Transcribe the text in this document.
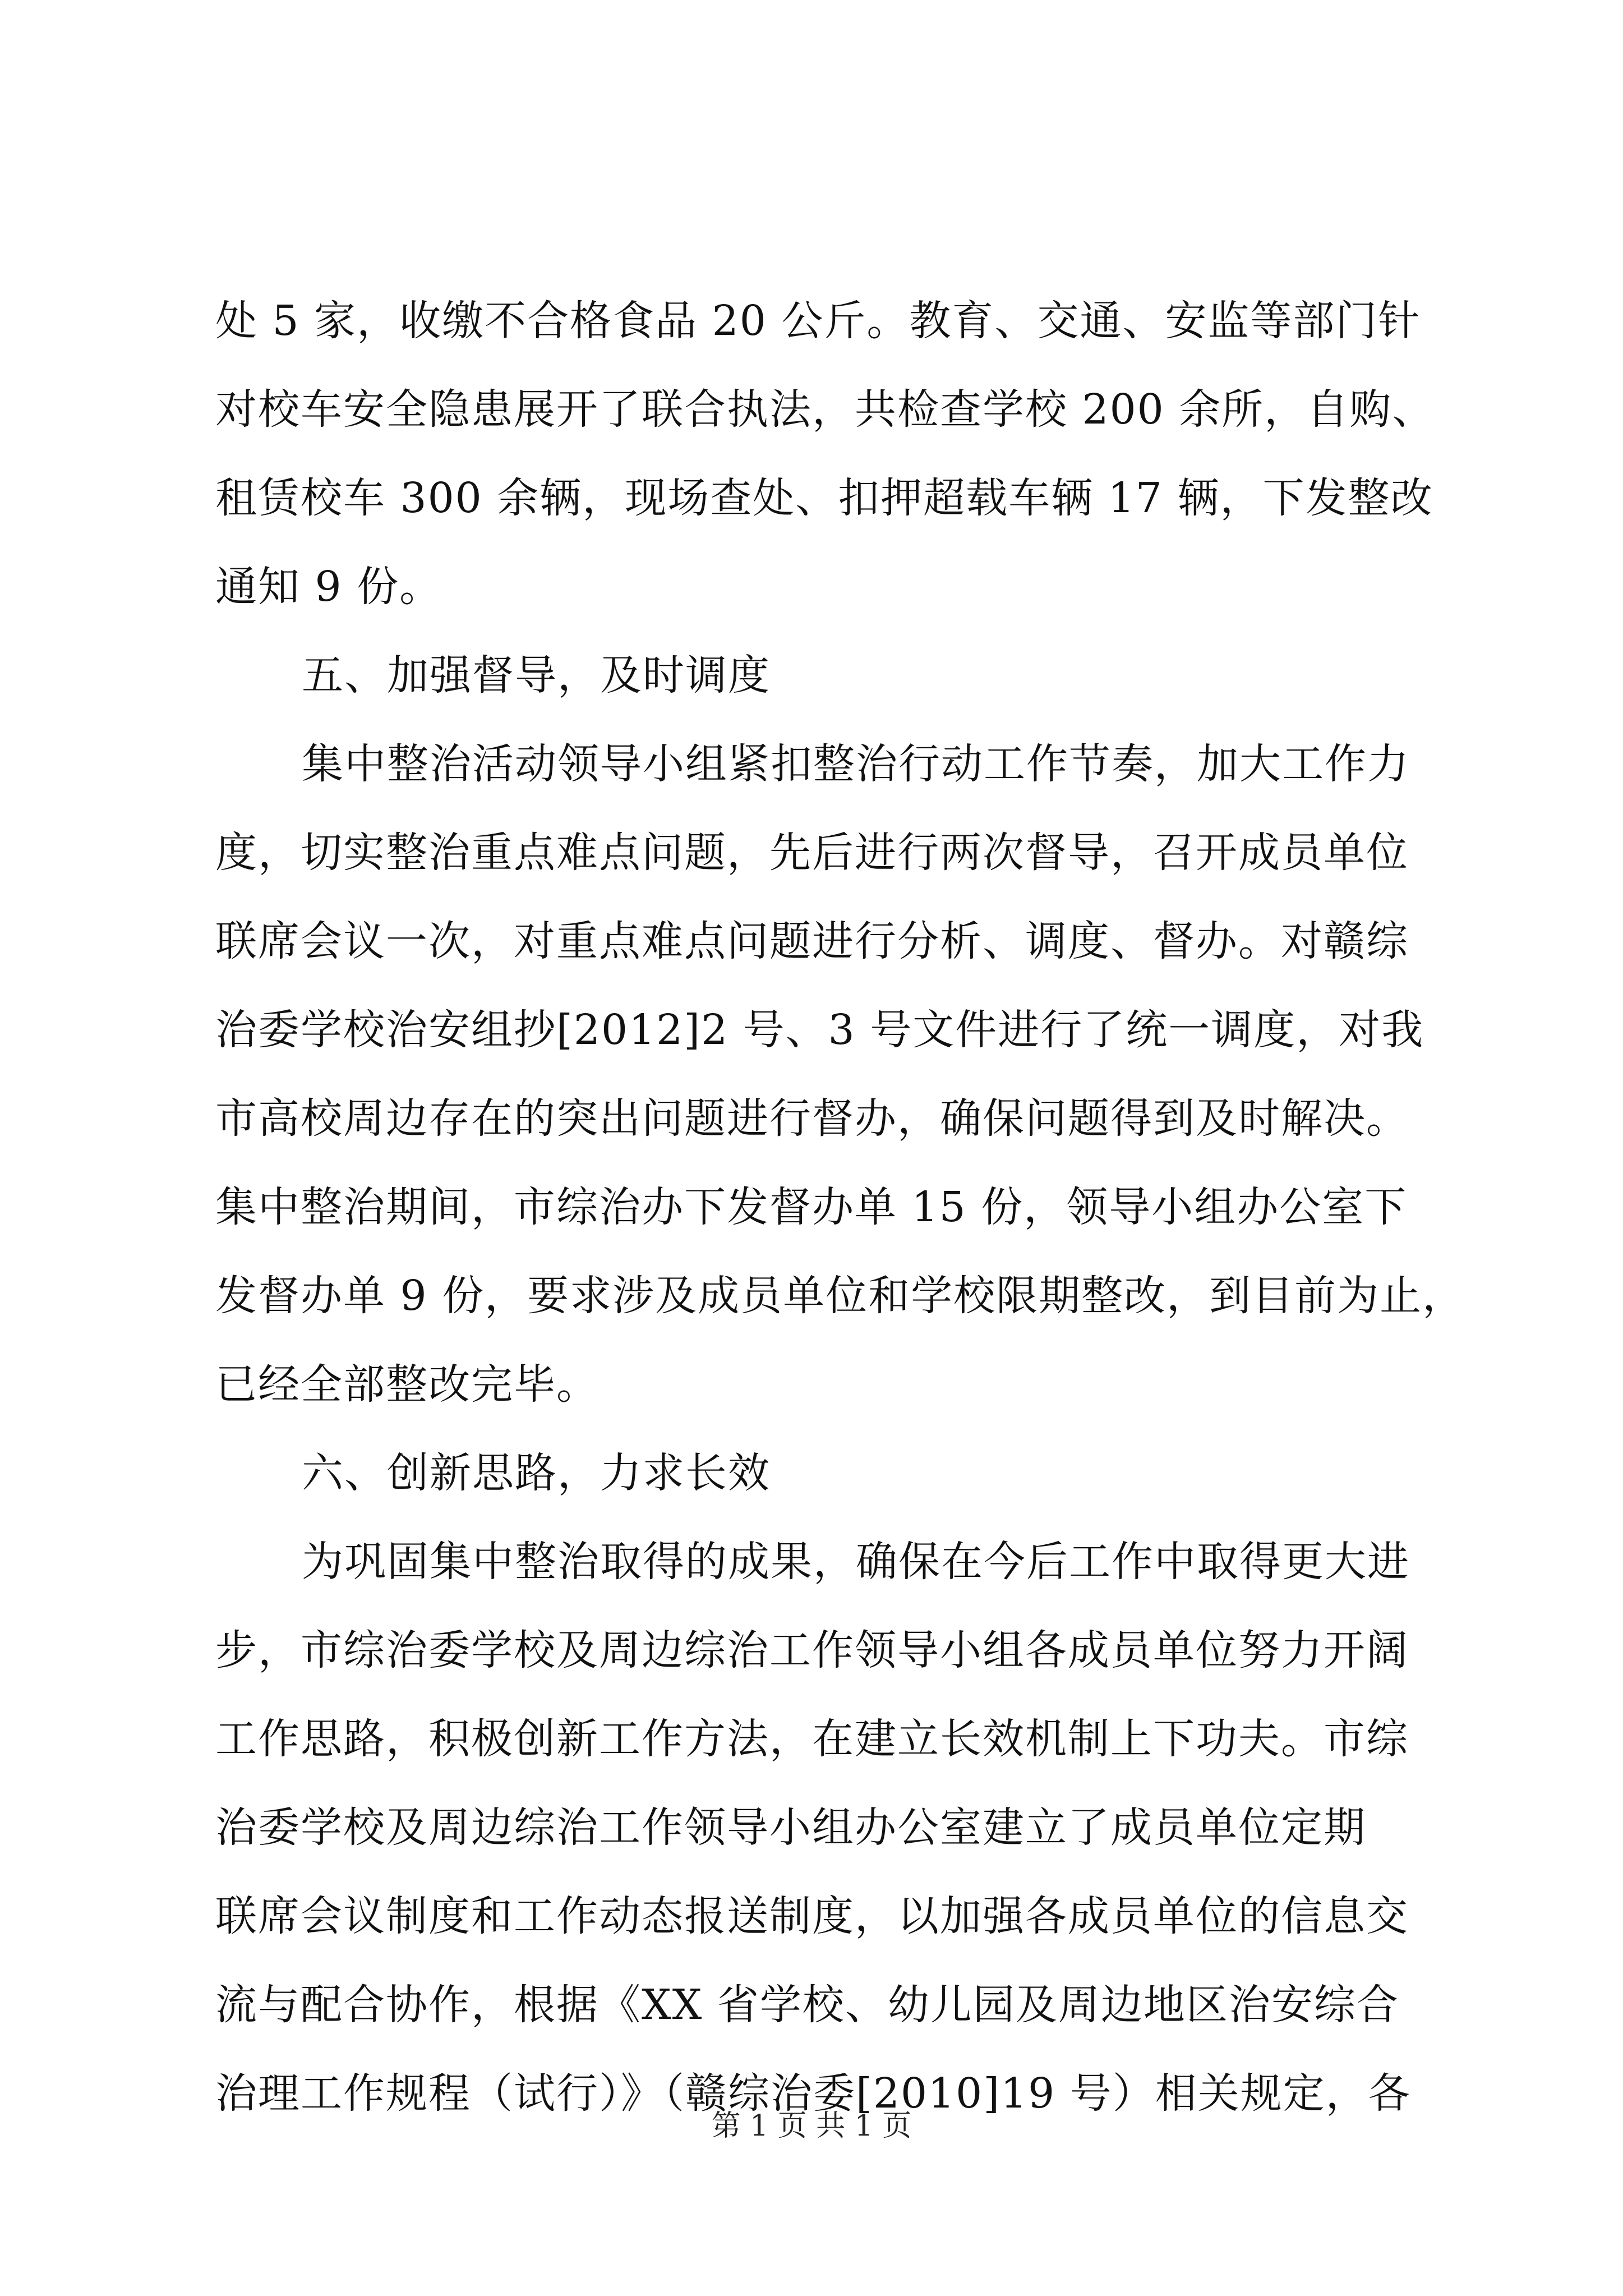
处 5 家，收缴不合格食品 20 公斤。教育、交通、安监等部门针
对校车安全隐患展开了联合执法，共检查学校 200 余所，自购、
租赁校车 300 余辆，现场查处、扣押超载车辆 17 辆，下发整改
通知 9 份。
五、加强督导，及时调度
集中整治活动领导小组紧扣整治行动工作节奏，加大工作力
度，切实整治重点难点问题，先后进行两次督导，召开成员单位
联席会议一次，对重点难点问题进行分析、调度、督办。对赣综
治委学校治安组抄[2012]2 号、3 号文件进行了统一调度，对我
市高校周边存在的突出问题进行督办，确保问题得到及时解决。
集中整治期间，市综治办下发督办单 15 份，领导小组办公室下
发督办单 9 份，要求涉及成员单位和学校限期整改，到目前为止，
已经全部整改完毕。
六、创新思路，力求长效
为巩固集中整治取得的成果，确保在今后工作中取得更大进
步，市综治委学校及周边综治工作领导小组各成员单位努力开阔
工作思路，积极创新工作方法，在建立长效机制上下功夫。市综
治委学校及周边综治工作领导小组办公室建立了成员单位定期
联席会议制度和工作动态报送制度，以加强各成员单位的信息交
流与配合协作，根据《XX 省学校、幼儿园及周边地区治安综合
治理工作规程（试行）》（赣综治委[2010]19 号）相关规定，各
第 1 页 共 1 页
